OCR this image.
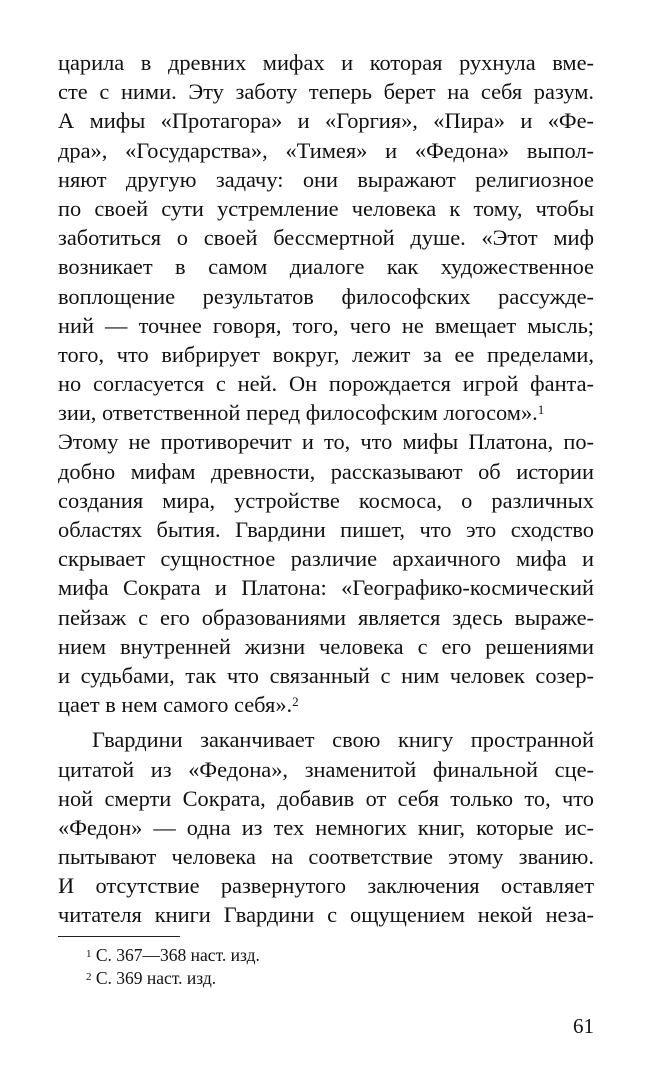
царила в древних мифах и которая рухнула вме-
сте с ними. Эту заботу теперь берет на себя разум.
А мифы «Протагора» и «Горгия», «Пира» и «Фе-
дра», «Государства», «Тимея» и «Федона» выпол-
няют другую задачу: они выражают религиозное
по своей сути устремление человека к тому, чтобы
заботиться о своей бессмертной душе. «Этот миф
возникает в самом диалоге как художественное
воплощение результатов философских рассужде-
ний — точнее говоря, того, чего не вмещает мысль;
того, что вибрирует вокруг, лежит за ее пределами,
но согласуется с ней. Он порождается игрой фанта-
зии, ответственной перед философским логосом».$^1$
Этому не противоречит и то, что мифы Платона, по-
добно мифам древности, рассказывают об истории
создания мира, устройстве космоса, о различных
областях бытия. Гвардини пишет, что это сходство
скрывает сущностное различие архаичного мифа и
мифа Сократа и Платона: «Географико-космический
пейзаж с его образованиями является здесь выраже-
нием внутренней жизни человека с его решениями
и судьбами, так что связанный с ним человек созер-
цает в нем самого себя».$^2$
Гвардини заканчивает свою книгу пространной
цитатой из «Федона», знаменитой финальной сце-
ной смерти Сократа, добавив от себя только то, что
«Федон» — одна из тех немногих книг, которые ис-
пытывают человека на соответствие этому званию.
И отсутствие развернутого заключения оставляет
читателя книги Гвардини с ощущением некой неза-
$^1$ С. 367—368 наст. изд.
$^2$ С. 369 наст. изд.
61
